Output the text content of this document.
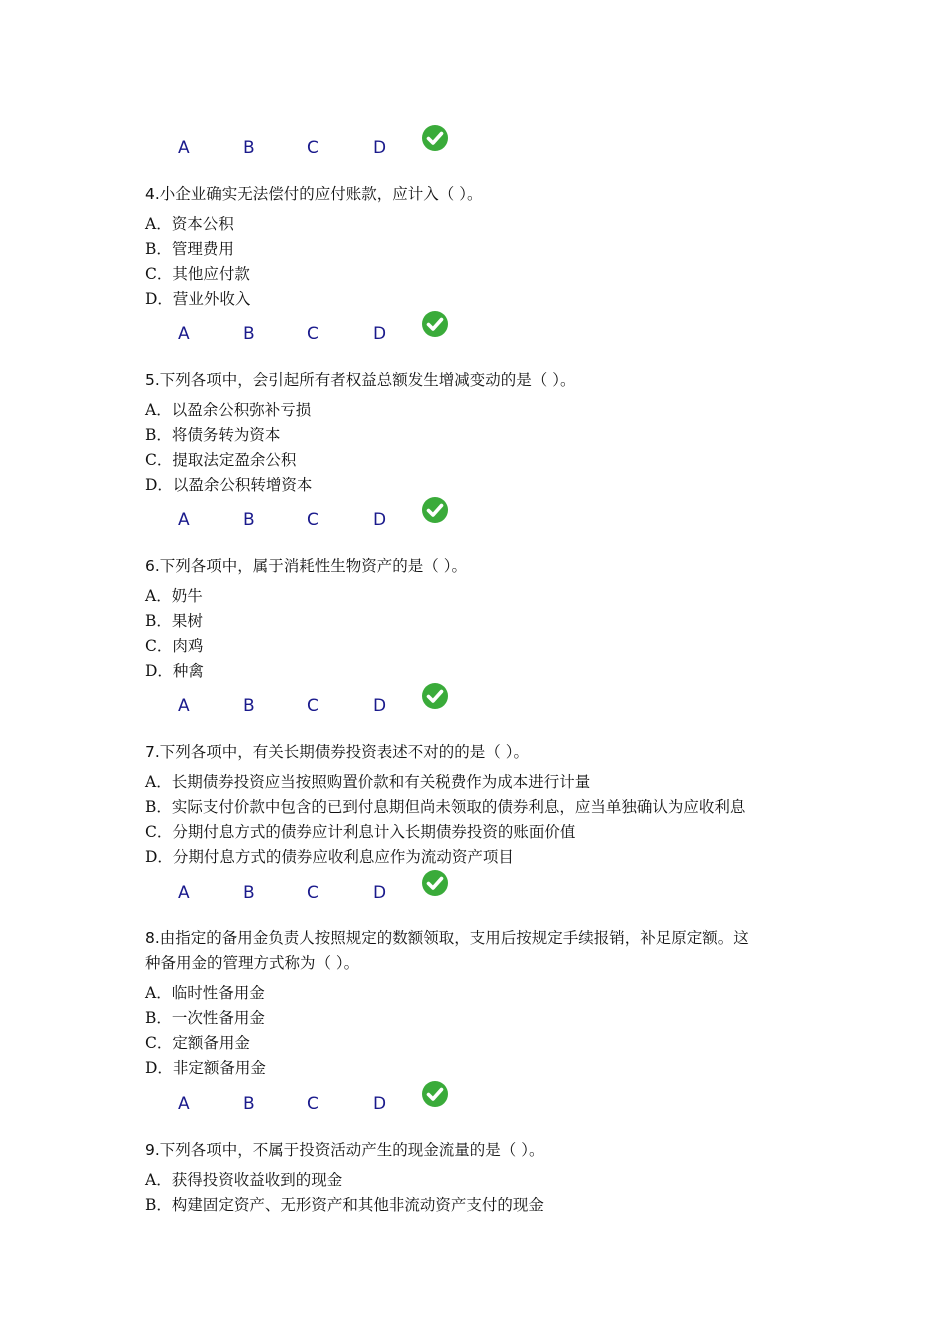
A	B	C	D
A	B	C	D
A	B	C	D
A	B	C	D
A	B	C	D
A	B	C	D
4.小企业确实无法偿付的应付账款，应计入（ ）。
A．资本公积
B．管理费用
C．其他应付款
D．营业外收入
5.下列各项中，会引起所有者权益总额发生增减变动的是（ ）。
A．以盈余公积弥补亏损
B．将债务转为资本
C．提取法定盈余公积
D．以盈余公积转增资本
6.下列各项中，属于消耗性生物资产的是（ ）。
A．奶牛
B．果树
C．肉鸡
D．种禽
7.下列各项中，有关长期债券投资表述不对的的是（ ）。
A．长期债券投资应当按照购置价款和有关税费作为成本进行计量
B．实际支付价款中包含的已到付息期但尚未领取的债券利息，应当单独确认为应收利息
C．分期付息方式的债券应计利息计入长期债券投资的账面价值
D．分期付息方式的债券应收利息应作为流动资产项目
8.由指定的备用金负责人按照规定的数额领取，支用后按规定手续报销，补足原定额。这
种备用金的管理方式称为（ ）。
A．临时性备用金
B．一次性备用金
C．定额备用金
D．非定额备用金
9.下列各项中，不属于投资活动产生的现金流量的是（ ）。
A．获得投资收益收到的现金
B．构建固定资产、无形资产和其他非流动资产支付的现金
